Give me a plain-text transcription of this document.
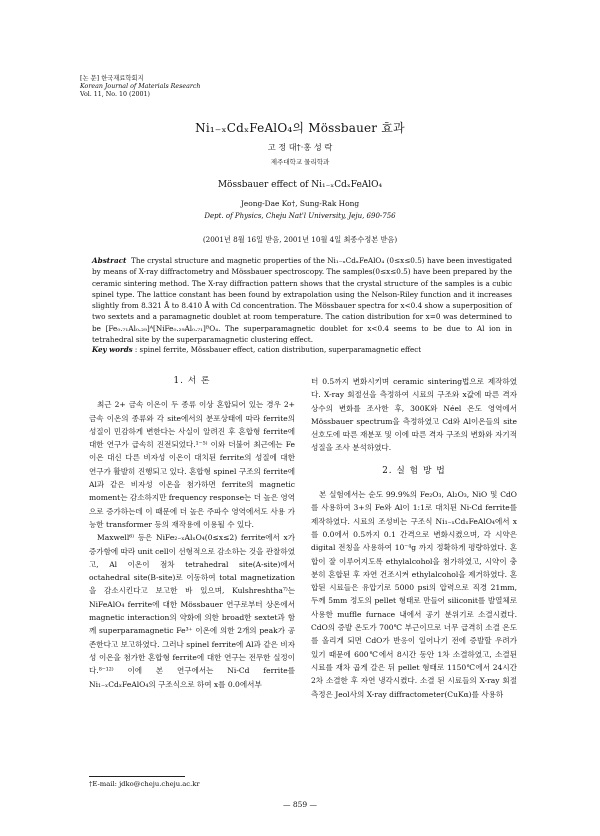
[논 문] 한국재료학회지
Korean Journal of Materials Research
Vol. 11, No. 10 (2001)
Ni₁₋ₓCdₓFeAlO₄의 Mössbauer 효과
고 정 대†·홍 성 락
제주대학교 물리학과
Mössbauer effect of Ni₁₋ₓCdₓFeAlO₄
Jeong-Dae Ko†, Sung-Rak Hong
Dept. of Physics, Cheju Nat'l University, Jeju, 690-756
(2001년 8월 16일 받음, 2001년 10월 4일 최종수정본 받음)
Abstract The crystal structure and magnetic properties of the Ni₁₋ₓCdₓFeAlO₄ (0≤x≤0.5) have been investigated by means of X-ray diffractometry and Mössbauer spectroscopy. The samples(0≤x≤0.5) have been prepared by the ceramic sintering method. The X-ray diffraction pattern shows that the crystal structure of the samples is a cubic spinel type. The lattice constant has been found by extrapolation using the Nelson-Riley function and it increases slightly from 8.321 Å to 8.410 Å with Cd concentration. The Mössbauer spectra for x<0.4 show a superposition of two sextets and a paramagnetic doublet at room temperature. The cation distribution for x=0 was determined to be [Fe₀.₇₁Al₀.₂₉]ᴬ[NiFe₀.₂₉Al₀.₇₁]ᴮO₄. The superparamagnetic doublet for x<0.4 seems to be due to Al ion in tetrahedral site by the superparamagnetic clustering effect.
Key words : spinel ferrite, Mössbauer effect, cation distribution, superparamagnetic effect
1. 서 론

최근 2+ 금속 이온이 두 종류 이상 혼합되어 있는 경우 2+ 금속 이온의 종류와 각 site에서의 분포상태에 따라 ferrite의 성질이 민감하게 변한다는 사실이 알려진 후 혼합형 ferrite에 대한 연구가 급속히 진전되었다.¹⁻⁵⁾ 이와 더불어 최근에는 Fe 이온 대신 다른 비자성 이온이 대치된 ferrite의 성질에 대한 연구가 활발히 진행되고 있다. 혼합형 spinel 구조의 ferrite에 Al과 같은 비자성 이온을 첨가하면 ferrite의 magnetic moment는 감소하지만 frequency response는 더 높은 영역으로 증가하는데 이 때문에 더 높은 주파수 영역에서도 사용 가능한 transformer 등의 재작용에 이용될 수 있다.

Maxwell⁶⁾ 등은 NiFe₂₋ₓAlₓO₄(0≤x≤2) ferrite에서 x가 증가함에 따라 unit cell이 선형적으로 감소하는 것을 관찰하였고, Al 이온이 점차 tetrahedral site(A-site)에서 octahedral site(B-site)로 이동하여 total magnetization을 감소시킨다고 보고한 바 있으며, Kulshreshtha⁷⁾는 NiFeAlO₄ ferrite에 대한 Mössbauer 연구로부터 상온에서 magnetic interaction의 약화에 의한 broad한 sextet과 함께 superparamagnetic Fe³⁺ 이온에 의한 2개의 peak가 공존한다고 보고하였다. 그러나 spinel ferrite에 Al과 같은 비자성 이온을 첨가한 혼합형 ferrite에 대한 연구는 전무한 실정이다.⁸⁻¹²⁾ 이에 본 연구에서는 Ni-Cd ferrite를 Ni₁₋ₓCdₓFeAlO₄의 구조식으로 하여 x를 0.0에서부

터 0.5까지 변화시키며 ceramic sintering법으로 제작하였다. X-ray 회절선을 측정하여 시료의 구조와 x값에 따른 격자상수의 변화를 조사한 후, 300K와 Néel 온도 영역에서 Mössbauer spectrum을 측정하였고 Cd와 Al이온들의 site 선호도에 따른 재분포 및 이에 따른 격자 구조의 변화와 자기적 성질을 조사 분석하였다.

2. 실 험 방 법

본 실험에서는 순도 99.9%의 Fe₂O₃, Al₂O₃, NiO 및 CdO를 사용하여 3+의 Fe와 Al이 1:1로 대치된 Ni-Cd ferrite를 제작하였다. 시료의 조성비는 구조식 Ni₁₋ₓCdₓFeAlO₄에서 x를 0.0에서 0.5까지 0.1 간격으로 변화시켰으며, 각 시약은 digital 전칭을 사용하여 10⁻⁴g 까지 정확하게 평량하였다. 혼합이 잘 이루어지도록 ethylalcohol을 첨가하였고, 시약이 충분히 혼합된 후 자연 건조시켜 ethylalcohol을 제거하였다. 혼합된 시료들은 유압기로 5000 psi의 압력으로 직경 21mm, 두께 5mm 정도의 pellet 형태로 만들어 siliconit를 발열체로 사용한 muffle furnace 내에서 공기 분위기로 소결시켰다. CdO의 증발 온도가 700℃ 부근이므로 너무 급격히 소결 온도를 올리게 되면 CdO가 반응이 일어나기 전에 증발할 우려가 있기 때문에 600℃에서 8시간 동안 1차 소결하였고, 소결된 시료를 재차 곱게 갈은 뒤 pellet 형태로 1150℃에서 24시간 2차 소결한 후 자연 냉각시켰다. 소결 된 시료들의 X-ray 회절 측정은 Jeol사의 X-ray diffractometer(CuKα)를 사용하

†E-mail: jdko@cheju.cheju.ac.kr
— 859 —
